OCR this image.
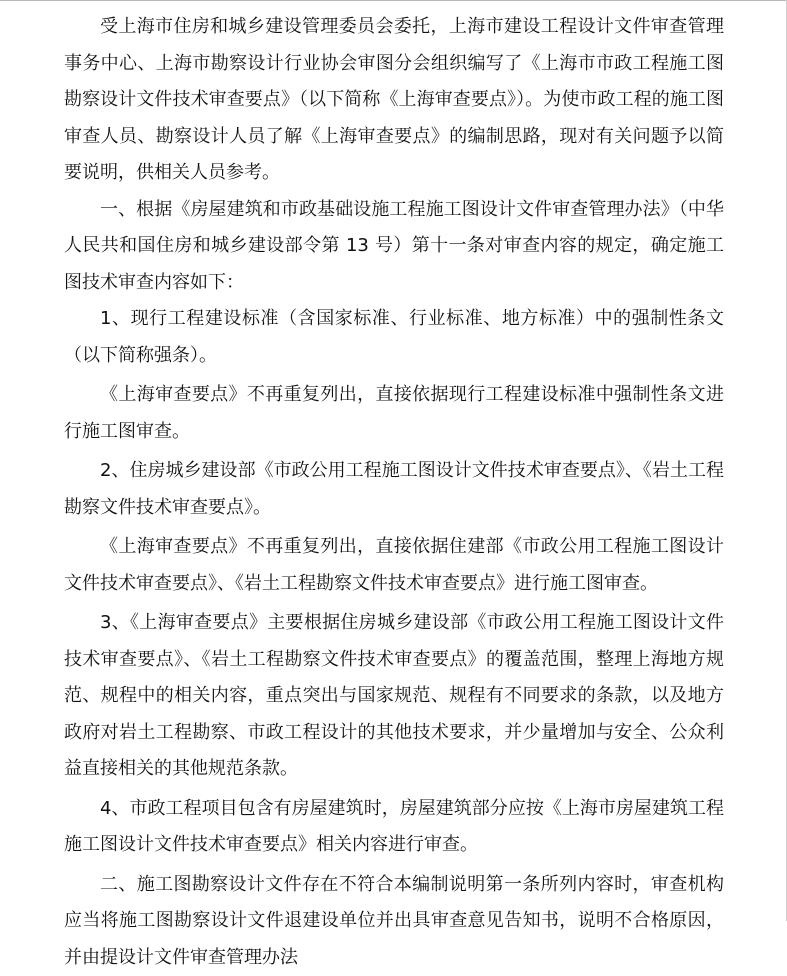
受上海市住房和城乡建设管理委员会委托，上海市建设工程设计文件审查管理事务中心、上海市勘察设计行业协会审图分会组织编写了《上海市市政工程施工图勘察设计文件技术审查要点》（以下简称《上海审查要点》）。为使市政工程的施工图审查人员、勘察设计人员了解《上海审查要点》的编制思路，现对有关问题予以简要说明，供相关人员参考。

一、根据《房屋建筑和市政基础设施工程施工图设计文件审查管理办法》（中华人民共和国住房和城乡建设部令第 13 号）第十一条对审查内容的规定，确定施工图技术审查内容如下：

1、现行工程建设标准（含国家标准、行业标准、地方标准）中的强制性条文（以下简称强条）。

《上海审查要点》不再重复列出，直接依据现行工程建设标准中强制性条文进行施工图审查。

2、住房城乡建设部《市政公用工程施工图设计文件技术审查要点》、《岩土工程勘察文件技术审查要点》。

《上海审查要点》不再重复列出，直接依据住建部《市政公用工程施工图设计文件技术审查要点》、《岩土工程勘察文件技术审查要点》进行施工图审查。

3、《上海审查要点》主要根据住房城乡建设部《市政公用工程施工图设计文件技术审查要点》、《岩土工程勘察文件技术审查要点》的覆盖范围，整理上海地方规范、规程中的相关内容，重点突出与国家规范、规程有不同要求的条款，以及地方政府对岩土工程勘察、市政工程设计的其他技术要求，并少量增加与安全、公众利益直接相关的其他规范条款。

4、市政工程项目包含有房屋建筑时，房屋建筑部分应按《上海市房屋建筑工程施工图设计文件技术审查要点》相关内容进行审查。

二、施工图勘察设计文件存在不符合本编制说明第一条所列内容时，审查机构应当将施工图勘察设计文件退建设单位并出具审查意见告知书，说明不合格原因，并由提设计文件审查管理办法
